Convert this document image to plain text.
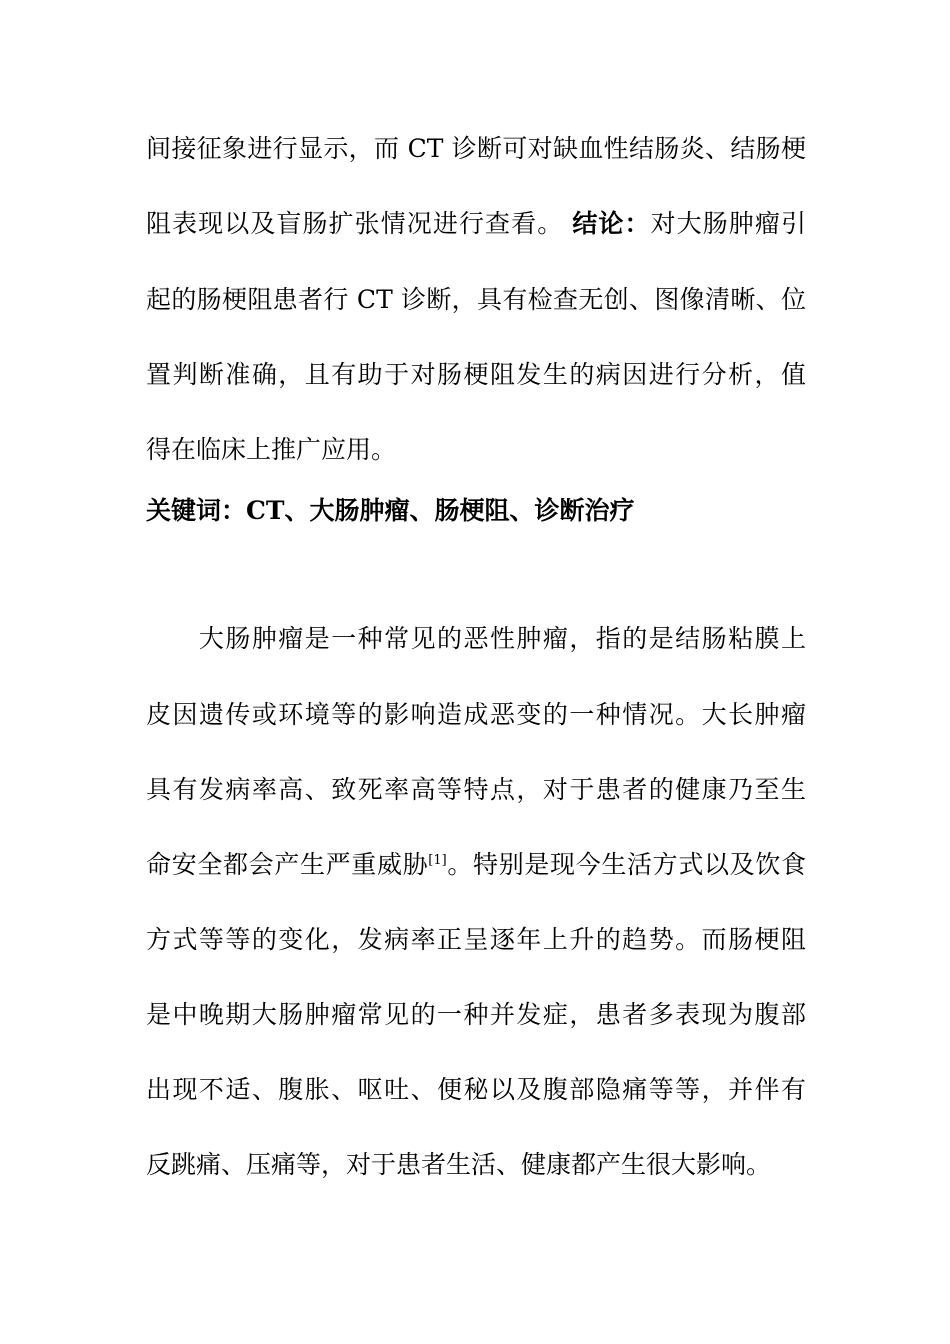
间接征象进行显示，而 CT 诊断可对缺血性结肠炎、结肠梗
阻表现以及盲肠扩张情况进行查看。 结论：对大肠肿瘤引
起的肠梗阻患者行 CT 诊断，具有检查无创、图像清晰、位
置判断准确，且有助于对肠梗阻发生的病因进行分析，值
得在临床上推广应用。
关键词：CT、大肠肿瘤、肠梗阻、诊断治疗
　　大肠肿瘤是一种常见的恶性肿瘤，指的是结肠粘膜上
皮因遗传或环境等的影响造成恶变的一种情况。大长肿瘤
具有发病率高、致死率高等特点，对于患者的健康乃至生
命安全都会产生严重威胁[1]。特别是现今生活方式以及饮食
方式等等的变化，发病率正呈逐年上升的趋势。而肠梗阻
是中晚期大肠肿瘤常见的一种并发症，患者多表现为腹部
出现不适、腹胀、呕吐、便秘以及腹部隐痛等等，并伴有
反跳痛、压痛等，对于患者生活、健康都产生很大影响。
